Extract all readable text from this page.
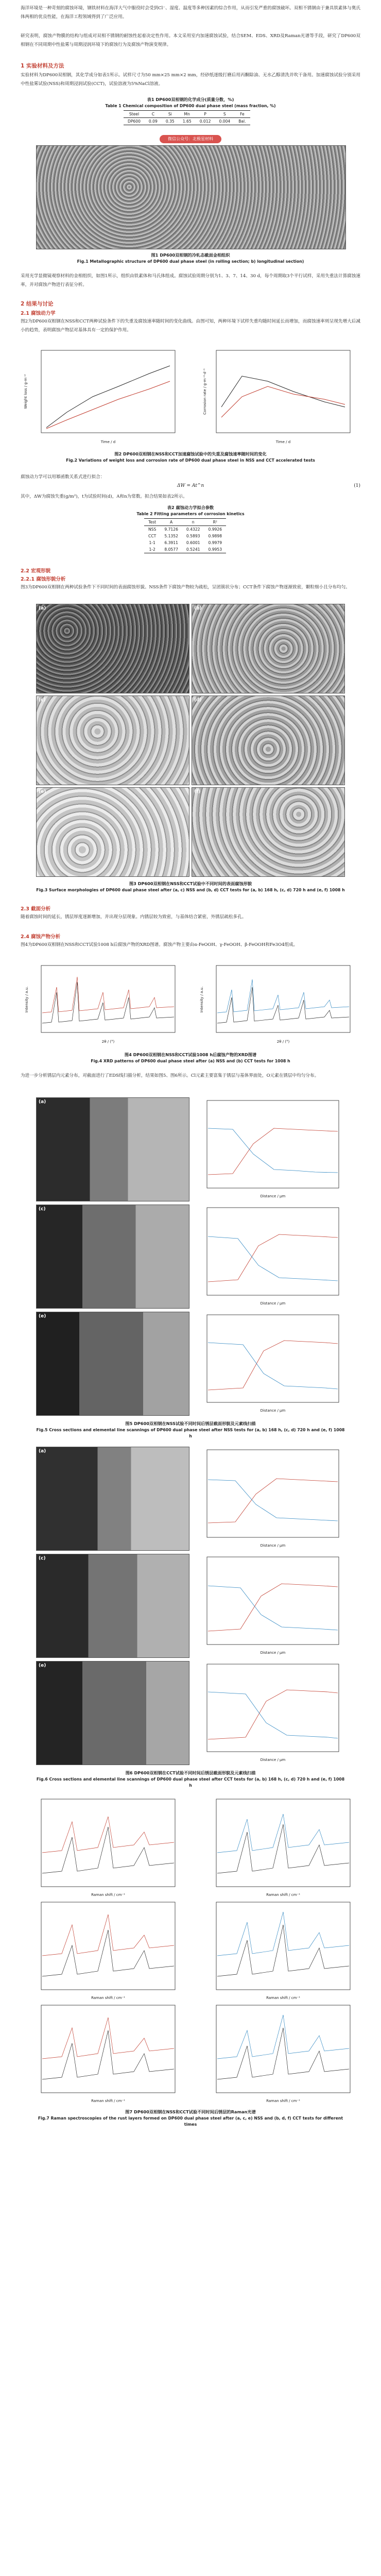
海洋环境是一种苛刻的腐蚀环境，钢铁材料在海洋大气中服役时会受到Cl⁻、湿度、温度等多种因素的综合作用，从而引发严重的腐蚀破坏。双相不锈钢由于兼具铁素体与奥氏体两相的优良性能，在海洋工程领域得到了广泛应用。
研究表明，腐蚀产物膜的结构与组成对双相不锈钢的耐蚀性起着决定性作用。本文采用室内加速腐蚀试验，结合SEM、EDS、XRD及Raman光谱等手段，研究了DP600双相钢在不同周期中性盐雾与周期浸润环境下的腐蚀行为及腐蚀产物演变规律。
1 实验材料及方法
实验材料为DP600双相钢，其化学成分如表1所示。试样尺寸为50 mm×25 mm×2 mm，经砂纸逐级打磨后用丙酮除油、无水乙醇清洗并吹干备用。加速腐蚀试验分别采用中性盐雾试验(NSS)和周期浸润试验(CCT)，试验溶液为5%NaCl溶液。
表1 DP600双相钢的化学成分(质量分数，%)
Table 1 Chemical composition of DP600 dual phase steel (mass fraction, %)
Steel	C	Si	Mn	P	S	Fe
DP600	0.09	0.35	1.65	0.012	0.004	Bal.
微信公众号：北极星材料
图1 DP600双相钢的冷轧态截面金相组织
Fig.1 Metallographic structure of DP600 dual phase steel (in rolling section; b) longitudinal section)
采用光学显微镜观察材料的金相组织，如图1所示，组织由铁素体和马氏体组成。腐蚀试验周期分别为1、3、7、14、30 d，每个周期取3个平行试样，采用失重法计算腐蚀速率，并对腐蚀产物进行表征分析。
2 结果与讨论
2.1 腐蚀动力学
图2为DP600双相钢在NSS和CCT两种试验条件下的失重及腐蚀速率随时间的变化曲线。由图可知，两种环境下试样失重均随时间延长而增加，而腐蚀速率则呈现先增大后减小的趋势，表明腐蚀产物层对基体具有一定的保护作用。
Time / d
Weight loss / g·m⁻²
Time / d
Corrosion rate / g·m⁻²·d⁻¹
图2 DP600双相钢在NSS和CCT加速腐蚀试验中的失重及腐蚀速率随时间的变化
Fig.2 Variations of weight loss and corrosion rate of DP600 dual phase steel in NSS and CCT accelerated tests
腐蚀动力学可以用幂函数关系式进行拟合：
ΔW = At^n	(1)
其中，ΔW为腐蚀失重(g/m²)，t为试验时间(d)，A和n为常数。拟合结果如表2所示。
表2 腐蚀动力学拟合参数
Table 2 Fitting parameters of corrosion kinetics
Test	A	n	R²
NSS	9.7126	0.4322	0.9926
CCT	5.1352	0.5893	0.9898
1-1	6.3911	0.6001	0.9979
1-2	8.0577	0.5241	0.9953
2.2 宏观形貌
2.2.1 腐蚀形貌分析
图3为DP600双相钢在两种试验条件下不同时间的表面腐蚀形貌。NSS条件下腐蚀产物较为疏松，呈团簇状分布；CCT条件下腐蚀产物逐渐致密，颗粒细小且分布均匀。
(a)	(b)
(c)	(d)
(e)	(f)
图3 DP600双相钢在NSS和CCT试验中不同时间的表面腐蚀形貌
Fig.3 Surface morphologies of DP600 dual phase steel after (a, c) NSS and (b, d) CCT tests for (a, b) 168 h, (c, d) 720 h and (e, f) 1008 h
2.3 截面分析
随着腐蚀时间的延长，锈层厚度逐渐增加，并出现分层现象。内锈层较为致密，与基体结合紧密，外锈层疏松多孔。
2.4 腐蚀产物分析
图4为DP600双相钢在NSS和CCT试验1008 h后腐蚀产物的XRD图谱。腐蚀产物主要由α-FeOOH、γ-FeOOH、β-FeOOH和Fe3O4组成。
2θ / (°)
Intensity / a.u.
2θ / (°)
Intensity / a.u.
图4 DP600双相钢在NSS和CCT试验1008 h后腐蚀产物的XRD图谱
Fig.4 XRD patterns of DP600 dual phase steel after (a) NSS and (b) CCT tests for 1008 h
为进一步分析锈层内元素分布，对截面进行了EDS线扫描分析，结果如图5、图6所示。Cl元素主要富集于锈层与基体界面处，O元素在锈层中均匀分布。
(a)
Distance / μm
(c)
Distance / μm
(e)
Distance / μm
图5 DP600双相钢在NSS试验不同时间后锈层截面形貌及元素线扫描
Fig.5 Cross sections and elemental line scannings of DP600 dual phase steel after NSS tests for (a, b) 168 h, (c, d) 720 h and (e, f) 1008 h
(a)
Distance / μm
(c)
Distance / μm
(e)
Distance / μm
图6 DP600双相钢在CCT试验不同时间后锈层截面形貌及元素线扫描
Fig.6 Cross sections and elemental line scannings of DP600 dual phase steel after CCT tests for (a, b) 168 h, (c, d) 720 h and (e, f) 1008 h
Raman shift / cm⁻¹	Raman shift / cm⁻¹
Raman shift / cm⁻¹	Raman shift / cm⁻¹
Raman shift / cm⁻¹	Raman shift / cm⁻¹
图7 DP600双相钢在NSS和CCT试验不同时间后锈层的Raman光谱
Fig.7 Raman spectroscopies of the rust layers formed on DP600 dual phase steel after (a, c, e) NSS and (b, d, f) CCT tests for different times
